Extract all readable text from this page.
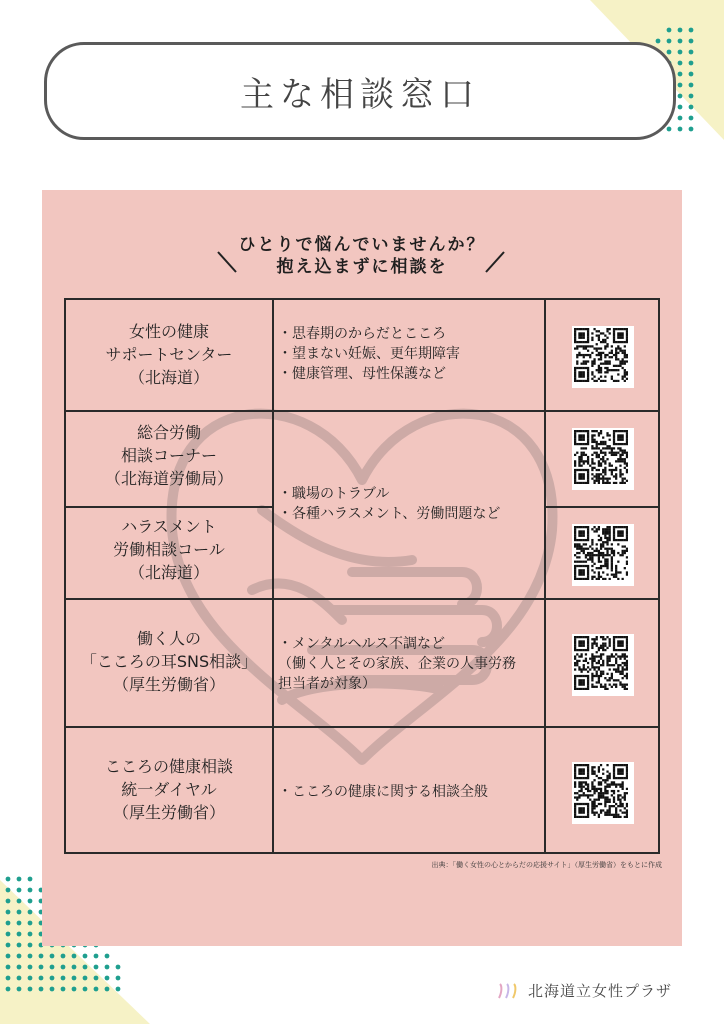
主な相談窓口
ひとりで悩んでいませんか？
抱え込まずに相談を
女性の健康
サポートセンター
（北海道）
総合労働
相談コーナー
（北海道労働局）
ハラスメント
労働相談コール
（北海道）
働く人の
「こころの耳SNS相談」
（厚生労働省）
こころの健康相談
統一ダイヤル
（厚生労働省）
・思春期のからだとこころ
・望まない妊娠、更年期障害
・健康管理、母性保護など
・職場のトラブル
・各種ハラスメント、労働問題など
・メンタルヘルス不調など
（働く人とその家族、企業の人事労務
担当者が対象）
・こころの健康に関する相談全般
出典：「働く女性の心とからだの応援サイト」（厚生労働省）をもとに作成
北海道立女性プラザ
